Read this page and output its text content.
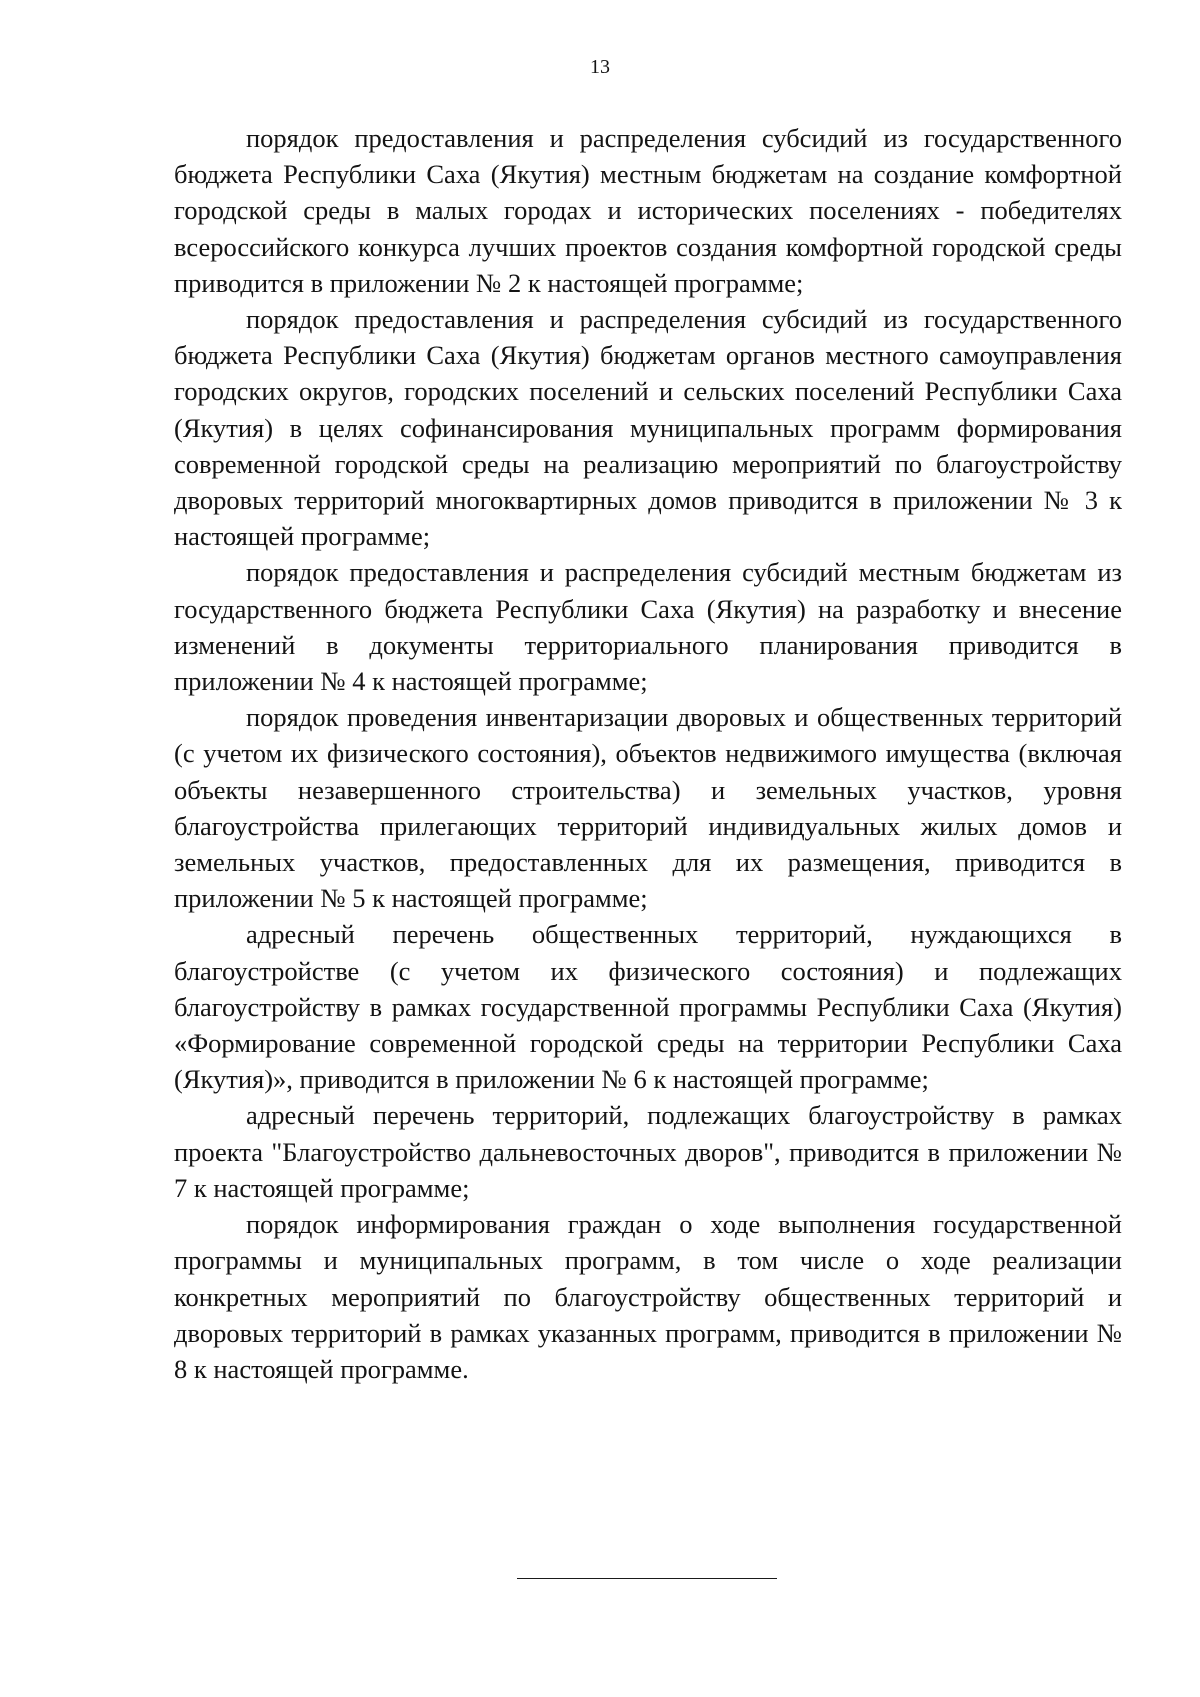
13

порядок предоставления и распределения субсидий из государственного бюджета Республики Саха (Якутия) местным бюджетам на создание комфортной городской среды в малых городах и исторических поселениях - победителях всероссийского конкурса лучших проектов создания комфортной городской среды приводится в приложении № 2 к настоящей программе;

порядок предоставления и распределения субсидий из государственного бюджета Республики Саха (Якутия) бюджетам органов местного самоуправления городских округов, городских поселений и сельских поселений Республики Саха (Якутия) в целях софинансирования муниципальных программ формирования современной городской среды на реализацию мероприятий по благоустройству дворовых территорий многоквартирных домов приводится в приложении № 3 к настоящей программе;

порядок предоставления и распределения субсидий местным бюджетам из государственного бюджета Республики Саха (Якутия) на разработку и внесение изменений в документы территориального планирования приводится в приложении № 4 к настоящей программе;

порядок проведения инвентаризации дворовых и общественных территорий (с учетом их физического состояния), объектов недвижимого имущества (включая объекты незавершенного строительства) и земельных участков, уровня благоустройства прилегающих территорий индивидуальных жилых домов и земельных участков, предоставленных для их размещения, приводится в приложении № 5 к настоящей программе;

адресный перечень общественных территорий, нуждающихся в благоустройстве (с учетом их физического состояния) и подлежащих благоустройству в рамках государственной программы Республики Саха (Якутия) «Формирование современной городской среды на территории Республики Саха (Якутия)», приводится в приложении № 6 к настоящей программе;

адресный перечень территорий, подлежащих благоустройству в рамках проекта "Благоустройство дальневосточных дворов", приводится в приложении № 7 к настоящей программе;

порядок информирования граждан о ходе выполнения государственной программы и муниципальных программ, в том числе о ходе реализации конкретных мероприятий по благоустройству общественных территорий и дворовых территорий в рамках указанных программ, приводится в приложении № 8 к настоящей программе.
